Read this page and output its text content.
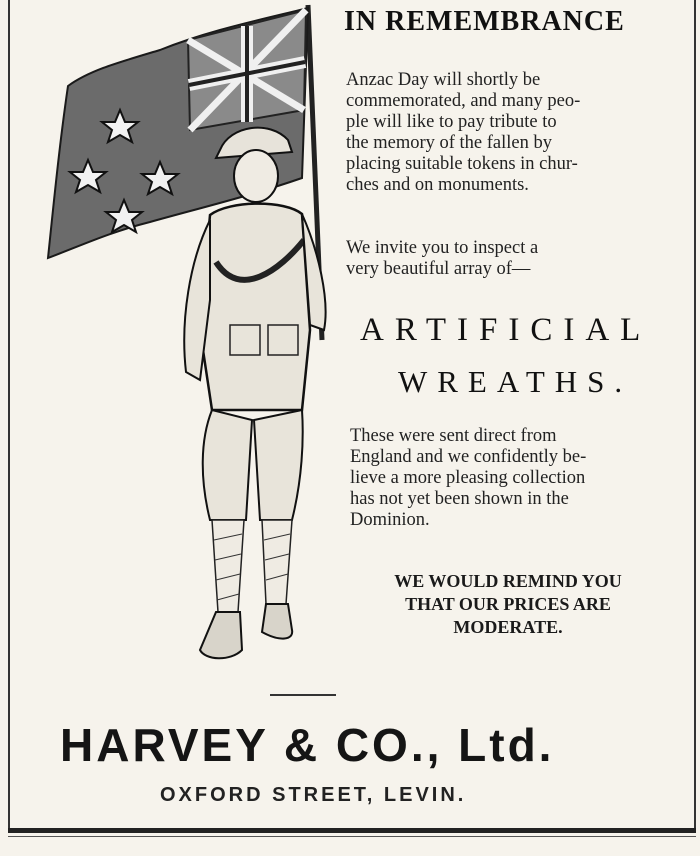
IN REMEMBRANCE
Anzac Day will shortly be
commemorated, and many peo-
ple will like to pay tribute to
the memory of the fallen by
placing suitable tokens in chur-
ches and on monuments.
We invite you to inspect a
very beautiful array of—
ARTIFICIAL
WREATHS.
These were sent direct from
England and we confidently be-
lieve a more pleasing collection
has not yet been shown in the
Dominion.
WE WOULD REMIND YOU
THAT OUR PRICES ARE
MODERATE.
HARVEY & CO., Ltd.
OXFORD STREET, LEVIN.
